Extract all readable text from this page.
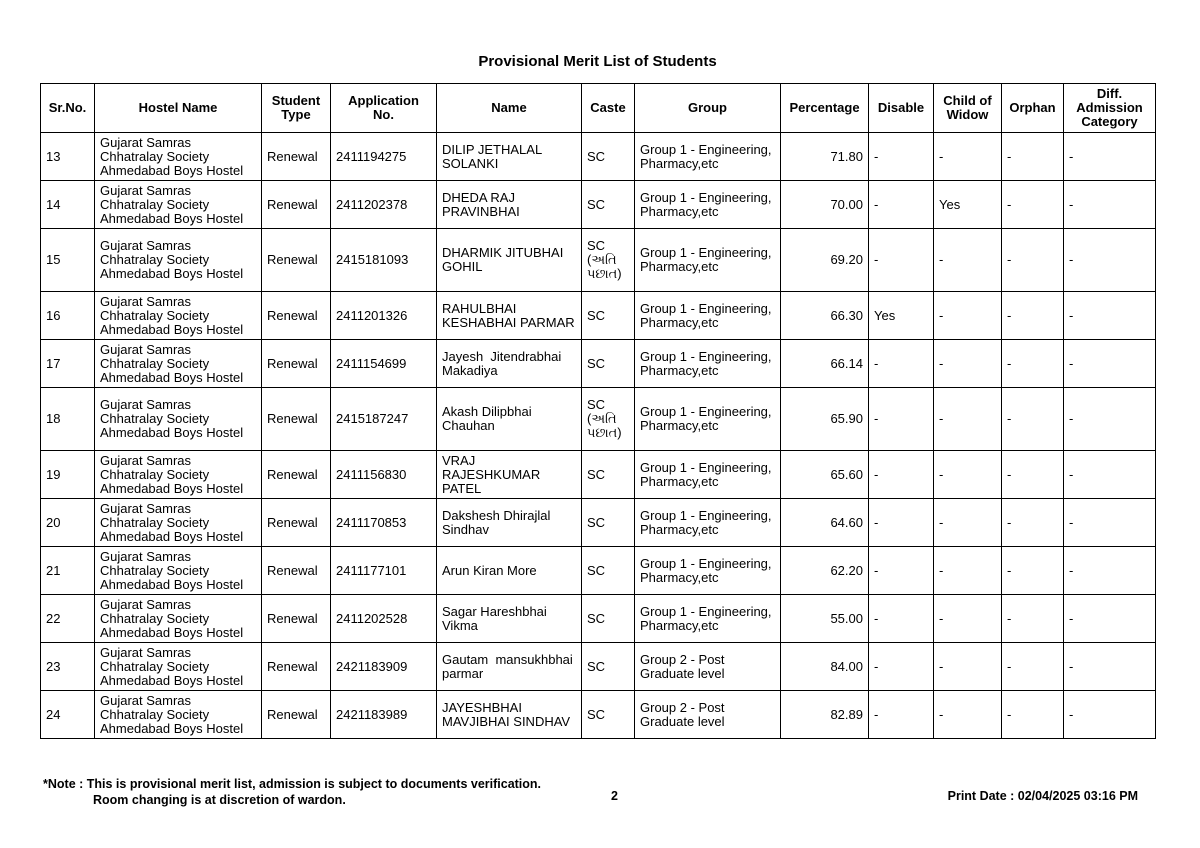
Provisional Merit List of Students
Sr.No.	Hostel Name	Student Type	Application No.	Name	Caste	Group	Percentage	Disable	Child of Widow	Orphan	Diff. Admission Category
13	Gujarat Samras Chhatralay Society Ahmedabad Boys Hostel	Renewal	2411194275	DILIP JETHALAL SOLANKI	SC	Group 1 - Engineering, Pharmacy,etc	71.80	-	-	-	-
14	Gujarat Samras Chhatralay Society Ahmedabad Boys Hostel	Renewal	2411202378	DHEDA RAJ PRAVINBHAI	SC	Group 1 - Engineering, Pharmacy,etc	70.00	-	Yes	-	-
15	Gujarat Samras Chhatralay Society Ahmedabad Boys Hostel	Renewal	2415181093	DHARMIK JITUBHAI GOHIL	SC (અતિ પછાત)	Group 1 - Engineering, Pharmacy,etc	69.20	-	-	-	-
16	Gujarat Samras Chhatralay Society Ahmedabad Boys Hostel	Renewal	2411201326	RAHULBHAI KESHABHAI PARMAR	SC	Group 1 - Engineering, Pharmacy,etc	66.30	Yes	-	-	-
17	Gujarat Samras Chhatralay Society Ahmedabad Boys Hostel	Renewal	2411154699	Jayesh  Jitendrabhai Makadiya	SC	Group 1 - Engineering, Pharmacy,etc	66.14	-	-	-	-
18	Gujarat Samras Chhatralay Society Ahmedabad Boys Hostel	Renewal	2415187247	Akash Dilipbhai Chauhan	SC (અતિ પછાત)	Group 1 - Engineering, Pharmacy,etc	65.90	-	-	-	-
19	Gujarat Samras Chhatralay Society Ahmedabad Boys Hostel	Renewal	2411156830	VRAJ RAJESHKUMAR PATEL	SC	Group 1 - Engineering, Pharmacy,etc	65.60	-	-	-	-
20	Gujarat Samras Chhatralay Society Ahmedabad Boys Hostel	Renewal	2411170853	Dakshesh Dhirajlal Sindhav	SC	Group 1 - Engineering, Pharmacy,etc	64.60	-	-	-	-
21	Gujarat Samras Chhatralay Society Ahmedabad Boys Hostel	Renewal	2411177101	Arun Kiran More	SC	Group 1 - Engineering, Pharmacy,etc	62.20	-	-	-	-
22	Gujarat Samras Chhatralay Society Ahmedabad Boys Hostel	Renewal	2411202528	Sagar Hareshbhai Vikma	SC	Group 1 - Engineering, Pharmacy,etc	55.00	-	-	-	-
23	Gujarat Samras Chhatralay Society Ahmedabad Boys Hostel	Renewal	2421183909	Gautam  mansukhbhai parmar	SC	Group 2 - Post Graduate level	84.00	-	-	-	-
24	Gujarat Samras Chhatralay Society Ahmedabad Boys Hostel	Renewal	2421183989	JAYESHBHAI MAVJIBHAI SINDHAV	SC	Group 2 - Post Graduate level	82.89	-	-	-	-
*Note : This is provisional merit list, admission is subject to documents verification.
Room changing is at discretion of wardon.	2	Print Date : 02/04/2025 03:16 PM
